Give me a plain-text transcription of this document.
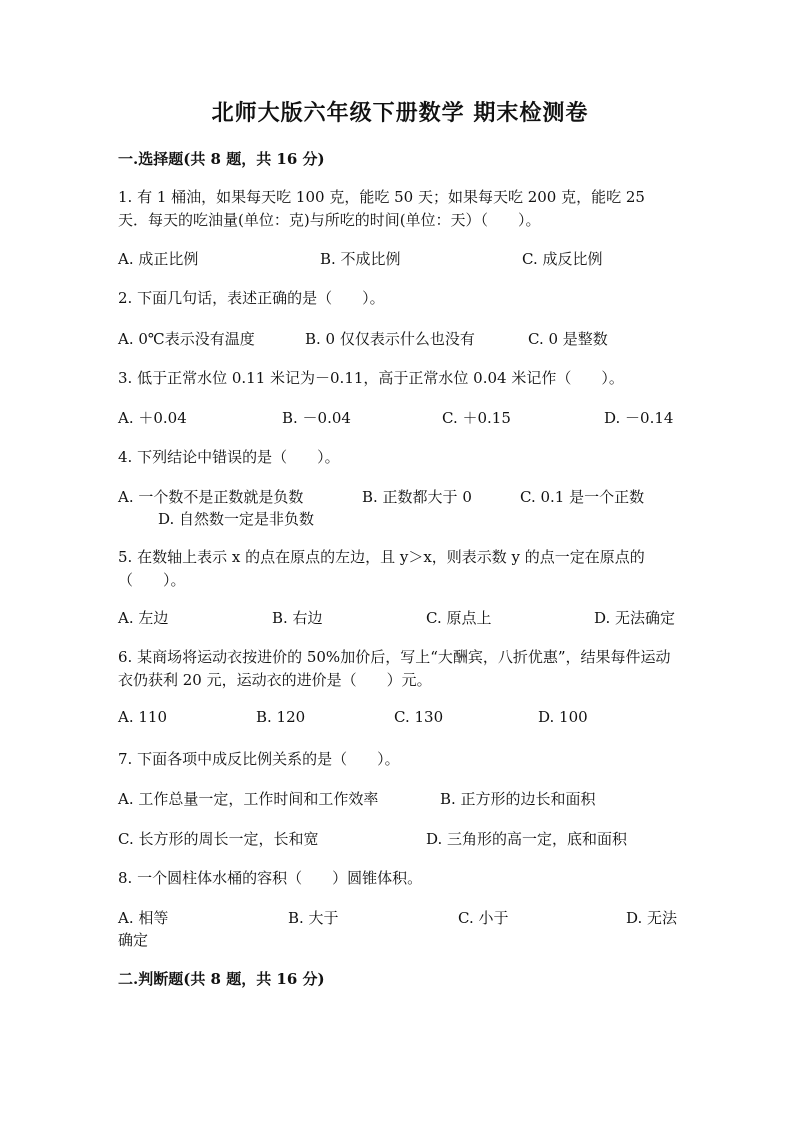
北师大版六年级下册数学 期末检测卷
一.选择题(共 8 题，共 16 分)
1. 有 1 桶油，如果每天吃 100 克，能吃 50 天；如果每天吃 200 克，能吃 25 天．每天的吃油量(单位：克)与所吃的时间(单位：天）（　　）。
A. 成正比例	B. 不成比例	C. 成反比例
2. 下面几句话，表述正确的是（　　）。
A. 0℃表示没有温度	B. 0 仅仅表示什么也没有	C. 0 是整数
3. 低于正常水位 0.11 米记为－0.11，高于正常水位 0.04 米记作（　　）。
A. ＋0.04	B. －0.04	C. ＋0.15	D. －0.14
4. 下列结论中错误的是（　　）。
A. 一个数不是正数就是负数	B. 正数都大于 0	C. 0.1 是一个正数
D. 自然数一定是非负数
5. 在数轴上表示 x 的点在原点的左边，且 y＞x，则表示数 y 的点一定在原点的（　　）。
A. 左边	B. 右边	C. 原点上	D. 无法确定
6. 某商场将运动衣按进价的 50%加价后，写上“大酬宾，八折优惠”，结果每件运动衣仍获利 20 元，运动衣的进价是（　　）元。
A. 110	B. 120	C. 130	D. 100
7. 下面各项中成反比例关系的是（　　）。
A. 工作总量一定，工作时间和工作效率	B. 正方形的边长和面积
C. 长方形的周长一定，长和宽	D. 三角形的高一定，底和面积
8. 一个圆柱体水桶的容积（　　）圆锥体积。
A. 相等	B. 大于	C. 小于	D. 无法确定
二.判断题(共 8 题，共 16 分)
